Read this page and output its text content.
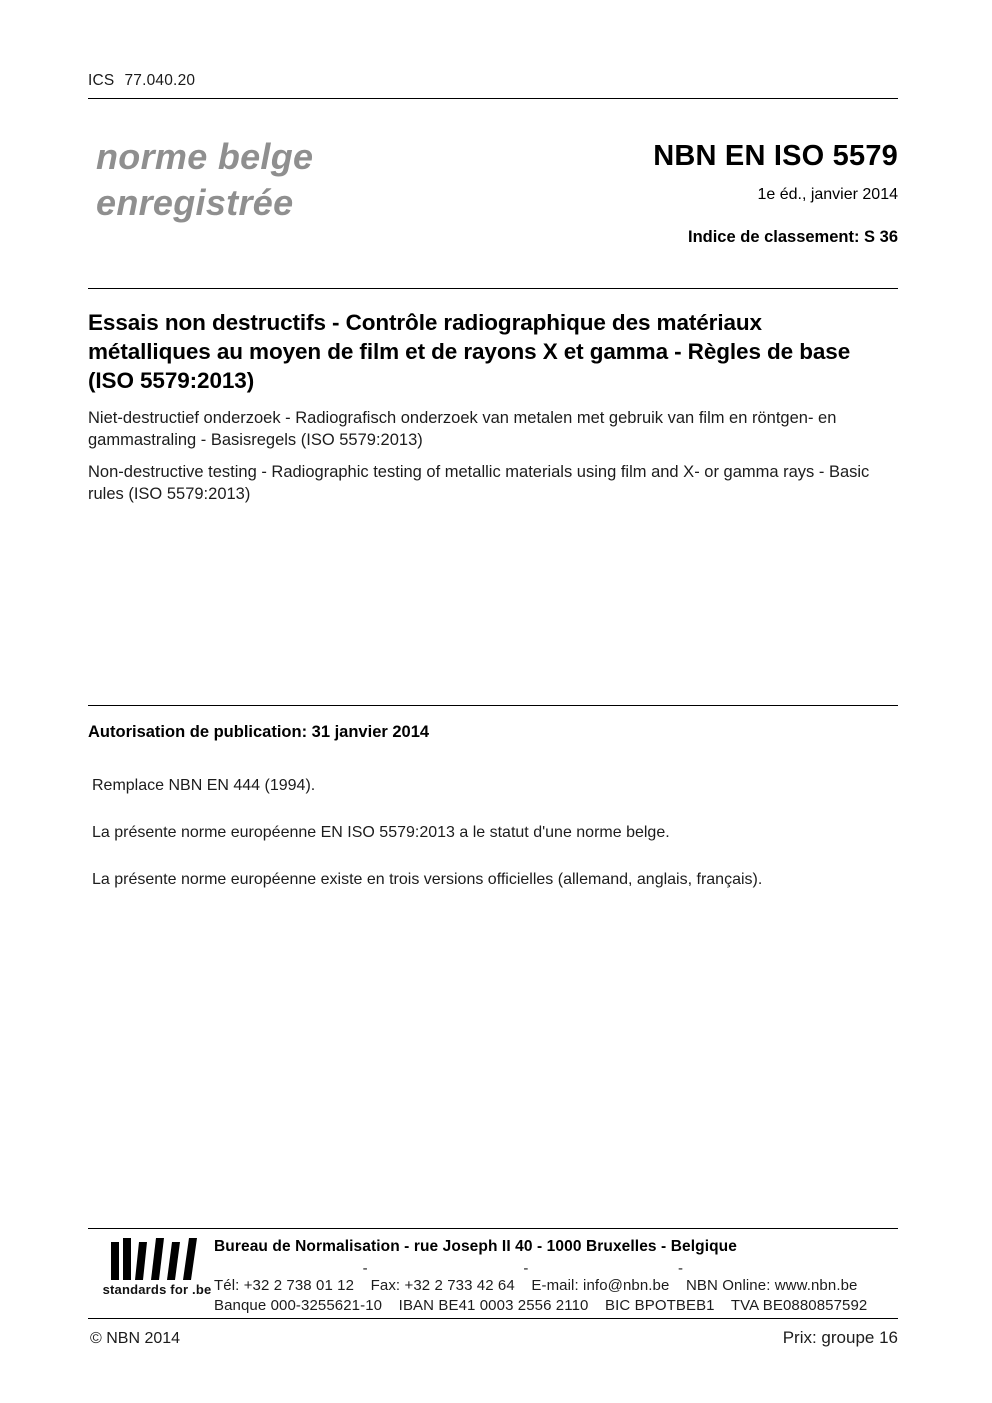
ICS 77.040.20
norme belge
enregistrée
NBN EN ISO 5579
1e éd., janvier 2014
Indice de classement: S 36

Essais non destructifs - Contrôle radiographique des matériaux métalliques au moyen de film et de rayons X et gamma - Règles de base (ISO 5579:2013)

Niet-destructief onderzoek - Radiografisch onderzoek van metalen met gebruik van film en röntgen- en gammastraling - Basisregels (ISO 5579:2013)

Non-destructive testing - Radiographic testing of metallic materials using film and X- or gamma rays - Basic rules (ISO 5579:2013)

Autorisation de publication: 31 janvier 2014

Remplace NBN EN 444 (1994).

La présente norme européenne EN ISO 5579:2013 a le statut d'une norme belge.

La présente norme européenne existe en trois versions officielles (allemand, anglais, français).

standards for .be
Bureau de Normalisation - rue Joseph II 40 - 1000 Bruxelles - Belgique
Tél: +32 2 738 01 12  -  Fax: +32 2 733 42 64  -  E-mail: info@nbn.be  -  NBN Online: www.nbn.be
Banque 000-3255621-10 IBAN BE41 0003 2556 2110 BIC BPOTBEB1 TVA BE0880857592
© NBN 2014	Prix: groupe 16
